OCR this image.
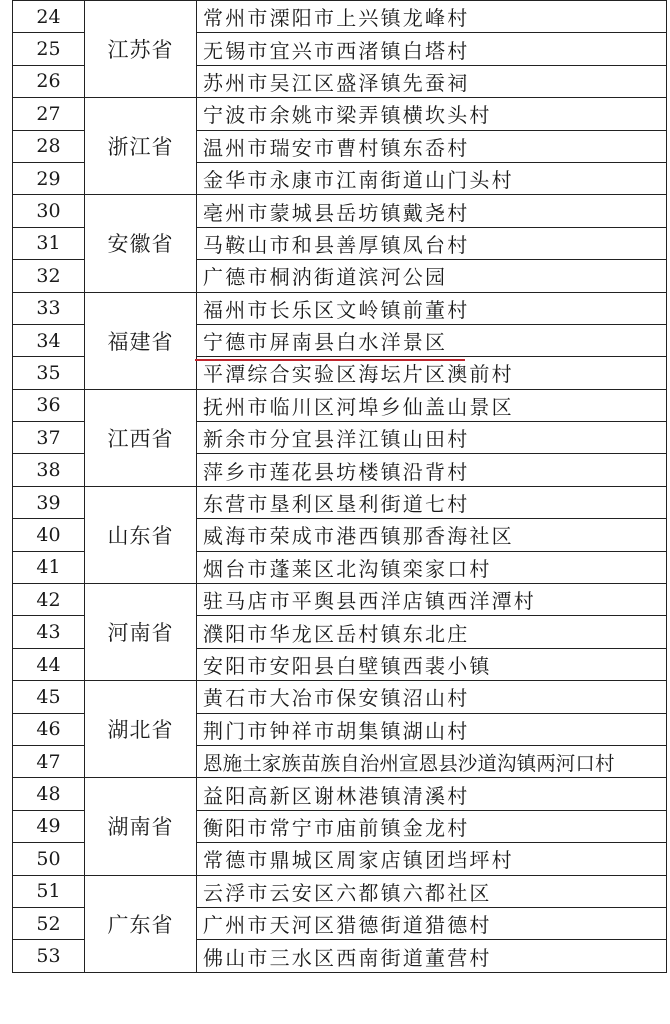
24	江苏省	常州市溧阳市上兴镇龙峰村
25		无锡市宜兴市西渚镇白塔村
26		苏州市吴江区盛泽镇先蚕祠
27	浙江省	宁波市余姚市梁弄镇横坎头村
28		温州市瑞安市曹村镇东岙村
29		金华市永康市江南街道山门头村
30	安徽省	亳州市蒙城县岳坊镇戴尧村
31		马鞍山市和县善厚镇凤台村
32		广德市桐汭街道滨河公园
33	福建省	福州市长乐区文岭镇前董村
34		宁德市屏南县白水洋景区
35		平潭综合实验区海坛片区澳前村
36	江西省	抚州市临川区河埠乡仙盖山景区
37		新余市分宜县洋江镇山田村
38		萍乡市莲花县坊楼镇沿背村
39	山东省	东营市垦利区垦利街道七村
40		威海市荣成市港西镇那香海社区
41		烟台市蓬莱区北沟镇栾家口村
42	河南省	驻马店市平舆县西洋店镇西洋潭村
43		濮阳市华龙区岳村镇东北庄
44		安阳市安阳县白壁镇西裴小镇
45	湖北省	黄石市大冶市保安镇沼山村
46		荆门市钟祥市胡集镇湖山村
47		恩施土家族苗族自治州宣恩县沙道沟镇两河口村
48	湖南省	益阳高新区谢林港镇清溪村
49		衡阳市常宁市庙前镇金龙村
50		常德市鼎城区周家店镇团垱坪村
51	广东省	云浮市云安区六都镇六都社区
52		广州市天河区猎德街道猎德村
53		佛山市三水区西南街道董营村
